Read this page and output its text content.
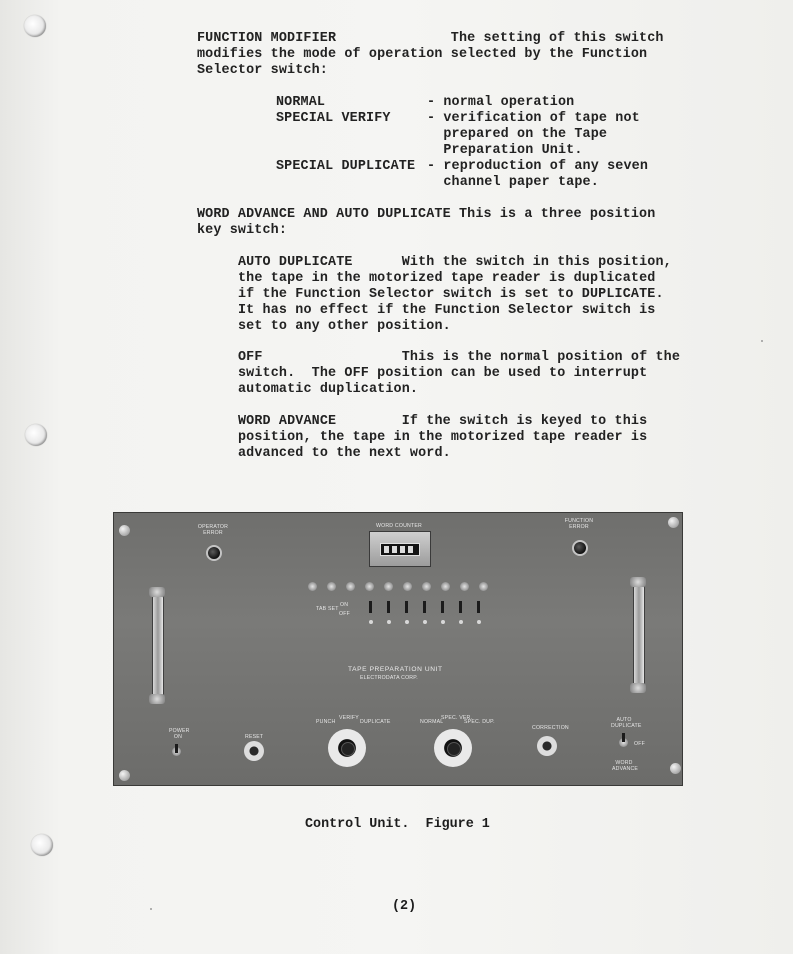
FUNCTION MODIFIER              The setting of this switch
modifies the mode of operation selected by the Function
Selector switch:
NORMAL	- normal operation
SPECIAL VERIFY	- verification of tape not
prepared on the Tape
Preparation Unit.
SPECIAL DUPLICATE - reproduction of any seven
channel paper tape.
WORD ADVANCE AND AUTO DUPLICATE This is a three position
key switch:
AUTO DUPLICATE      With the switch in this position,
the tape in the motorized tape reader is duplicated
if the Function Selector switch is set to DUPLICATE.
It has no effect if the Function Selector switch is
set to any other position.
OFF                 This is the normal position of the
switch.  The OFF position can be used to interrupt
automatic duplication.
WORD ADVANCE        If the switch is keyed to this
position, the tape in the motorized tape reader is
advanced to the next word.
OPERATOR ERROR
WORD COUNTER
FUNCTION ERROR
TAB SET
ON
OFF
TAPE PREPARATION UNIT
ELECTRODATA CORP.
POWER ON	RESET
PUNCH
VERIFY
DUPLICATE	NORMAL
SPEC. VER.
SPEC. DUP.
CORRECTION
AUTO DUPLICATE
OFF
WORD ADVANCE
Control Unit.  Figure 1
(2)
